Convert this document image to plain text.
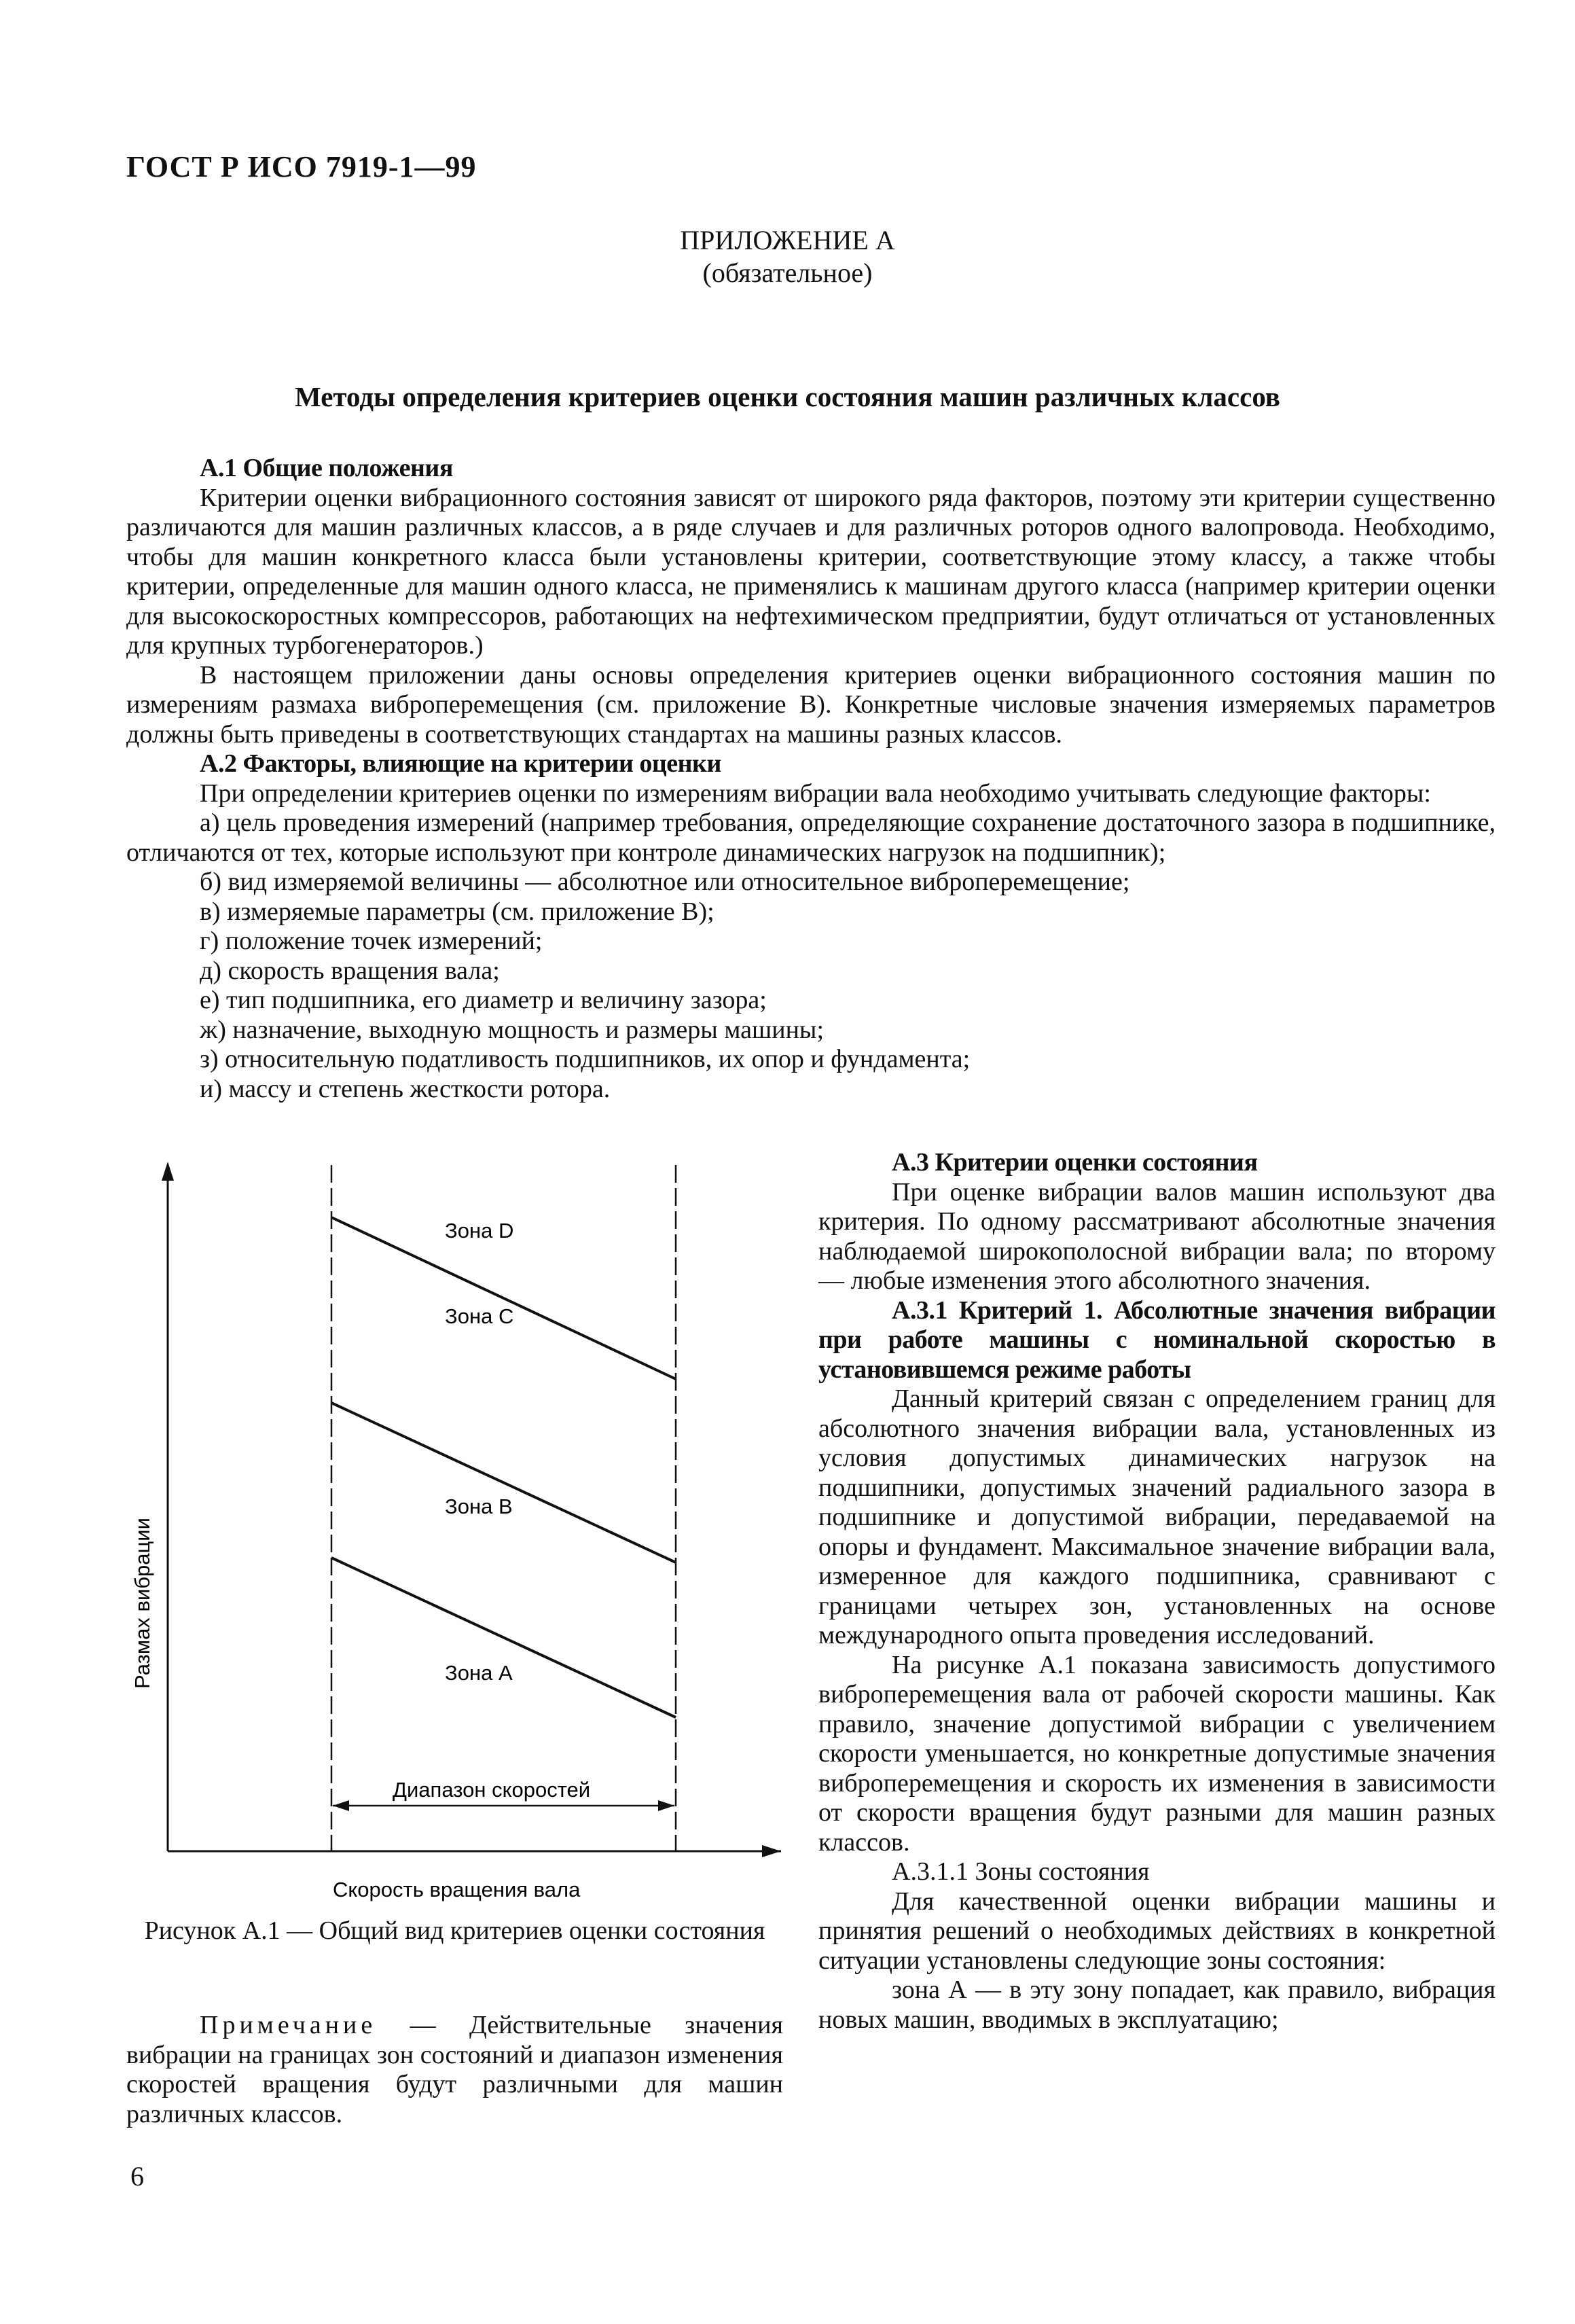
ГОСТ Р ИСО 7919-1—99
ПРИЛОЖЕНИЕ А
(обязательное)
Методы определения критериев оценки состояния машин различных классов

А.1 Общие положения

Критерии оценки вибрационного состояния зависят от широкого ряда факторов, поэтому эти критерии существенно различаются для машин различных классов, а в ряде случаев и для различных роторов одного валопровода. Необходимо, чтобы для машин конкретного класса были установлены критерии, соответствующие этому классу, а также чтобы критерии, определенные для машин одного класса, не применялись к машинам другого класса (например критерии оценки для высокоскоростных компрессоров, работающих на нефтехимическом предприятии, будут отличаться от установленных для крупных турбогенераторов.)

В настоящем приложении даны основы определения критериев оценки вибрационного состояния машин по измерениям размаха виброперемещения (см. приложение В). Конкретные числовые значения измеряемых параметров должны быть приведены в соответствующих стандартах на машины разных классов.

А.2 Факторы, влияющие на критерии оценки

При определении критериев оценки по измерениям вибрации вала необходимо учитывать следующие факторы:

а) цель проведения измерений (например требования, определяющие сохранение достаточного зазора в подшипнике, отличаются от тех, которые используют при контроле динамических нагрузок на подшипник);

б) вид измеряемой величины — абсолютное или относительное виброперемещение;

в) измеряемые параметры (см. приложение В);

г) положение точек измерений;

д) скорость вращения вала;

е) тип подшипника, его диаметр и величину зазора;

ж) назначение, выходную мощность и размеры машины;

з) относительную податливость подшипников, их опор и фундамента;

и) массу и степень жесткости ротора.

Зона D
Зона C
Зона B
Зона A
Диапазон скоростей
Скорость вращения вала
Размах вибрации
Рисунок А.1 — Общий вид критериев оценки состояния

Примечание — Действительные значения вибрации на границах зон состояний и диапазон изменения скоростей вращения будут различными для машин различных классов.

А.3 Критерии оценки состояния

При оценке вибрации валов машин используют два критерия. По одному рассматривают абсолютные значения наблюдаемой широкополосной вибрации вала; по второму — любые изменения этого абсолютного значения.

А.3.1 Критерий 1. Абсолютные значения вибрации при работе машины с номинальной скоростью в установившемся режиме работы

Данный критерий связан с определением границ для абсолютного значения вибрации вала, установленных из условия допустимых динамических нагрузок на подшипники, допустимых значений радиального зазора в подшипнике и допустимой вибрации, передаваемой на опоры и фундамент. Максимальное значение вибрации вала, измеренное для каждого подшипника, сравнивают с границами четырех зон, установленных на основе международного опыта проведения исследований.

На рисунке А.1 показана зависимость допустимого виброперемещения вала от рабочей скорости машины. Как правило, значение допустимой вибрации с увеличением скорости уменьшается, но конкретные допустимые значения виброперемещения и скорость их изменения в зависимости от скорости вращения будут разными для машин разных классов.

А.3.1.1 Зоны состояния

Для качественной оценки вибрации машины и принятия решений о необходимых действиях в конкретной ситуации установлены следующие зоны состояния:

зона А — в эту зону попадает, как правило, вибрация новых машин, вводимых в эксплуатацию;

6
